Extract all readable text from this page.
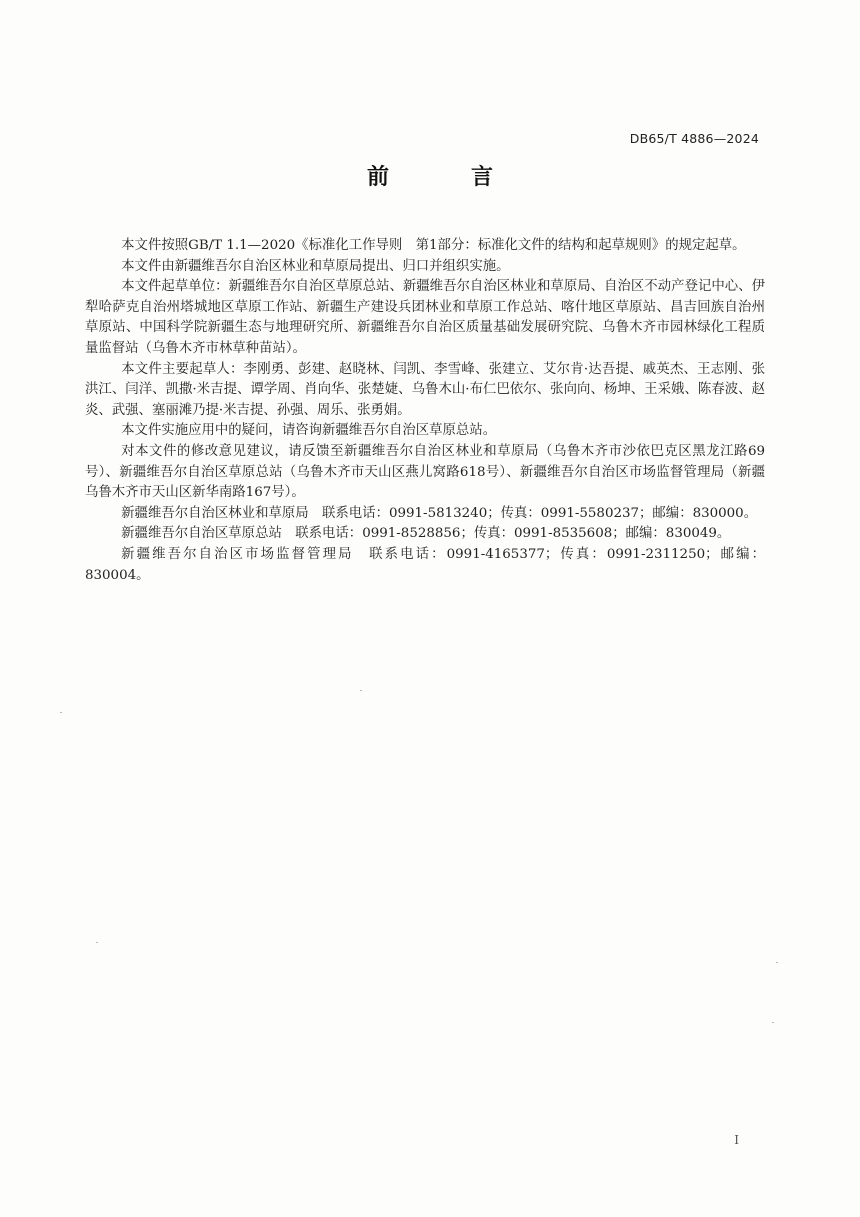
DB65/T 4886—2024
前　言

本文件按照GB/T 1.1—2020《标准化工作导则　第1部分：标准化文件的结构和起草规则》的规定起草。

本文件由新疆维吾尔自治区林业和草原局提出、归口并组织实施。

本文件起草单位：新疆维吾尔自治区草原总站、新疆维吾尔自治区林业和草原局、自治区不动产登记中心、伊犁哈萨克自治州塔城地区草原工作站、新疆生产建设兵团林业和草原工作总站、喀什地区草原站、昌吉回族自治州草原站、中国科学院新疆生态与地理研究所、新疆维吾尔自治区质量基础发展研究院、乌鲁木齐市园林绿化工程质量监督站（乌鲁木齐市林草种苗站）。

本文件主要起草人：李刚勇、彭建、赵晓林、闫凯、李雪峰、张建立、艾尔肯·达吾提、戚英杰、王志刚、张洪江、闫洋、凯撒·米吉提、谭学周、肖向华、张楚婕、乌鲁木山·布仁巴依尔、张向向、杨坤、王采娥、陈春波、赵炎、武强、塞丽滩乃提·米吉提、孙强、周乐、张勇娟。

本文件实施应用中的疑问，请咨询新疆维吾尔自治区草原总站。

对本文件的修改意见建议，请反馈至新疆维吾尔自治区林业和草原局（乌鲁木齐市沙依巴克区黑龙江路69号）、新疆维吾尔自治区草原总站（乌鲁木齐市天山区燕儿窝路618号）、新疆维吾尔自治区市场监督管理局（新疆乌鲁木齐市天山区新华南路167号）。

新疆维吾尔自治区林业和草原局　联系电话：0991-5813240；传真：0991-5580237；邮编：830000。

新疆维吾尔自治区草原总站　联系电话：0991-8528856；传真：0991-8535608；邮编：830049。

新疆维吾尔自治区市场监督管理局　联系电话：0991-4165377；传真：0991-2311250；邮编：830004。

I
